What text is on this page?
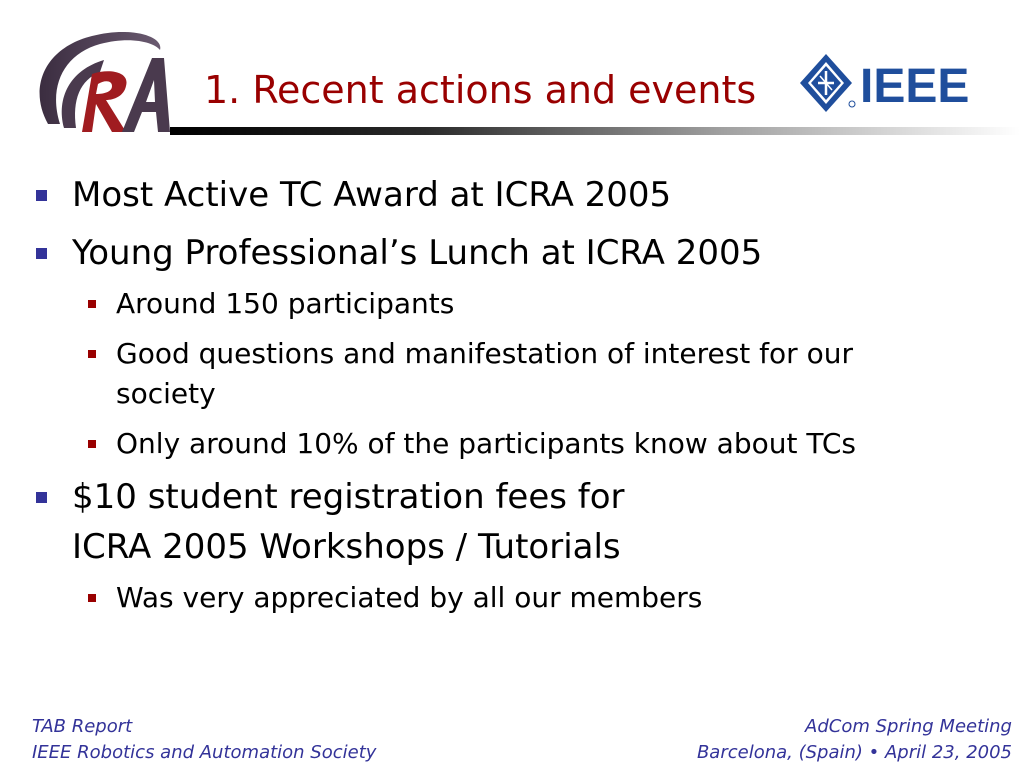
1. Recent actions and events IEEE
Most Active TC Award at ICRA 2005
Young Professional’s Lunch at ICRA 2005
Around 150 participants
Good questions and manifestation of interest for our
society
Only around 10% of the participants know about TCs
$10 student registration fees for
ICRA 2005 Workshops / Tutorials
Was very appreciated by all our members
TAB Report
IEEE Robotics and Automation Society
AdCom Spring Meeting
Barcelona, (Spain) • April 23, 2005
